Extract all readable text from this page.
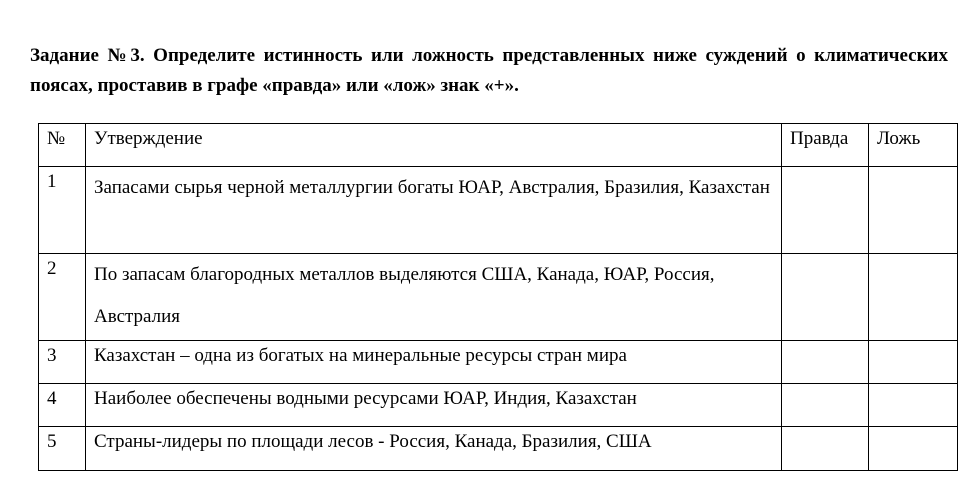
Задание №3. Определите истинность или ложность представленных ниже суждений о климатических поясах, проставив в графе «правда» или «лож» знак «+».
№	Утверждение	Правда	Ложь
1	Запасами сырья черной металлургии богаты ЮАР, Австралия, Бразилия, Казахстан		
2	По запасам благородных металлов выделяются США, Канада, ЮАР, Россия, Австралия		
3	Казахстан – одна из богатых на минеральные ресурсы стран мира		
4	Наиболее обеспечены водными ресурсами ЮАР, Индия, Казахстан		
5	Страны-лидеры по площади лесов - Россия, Канада, Бразилия, США		
